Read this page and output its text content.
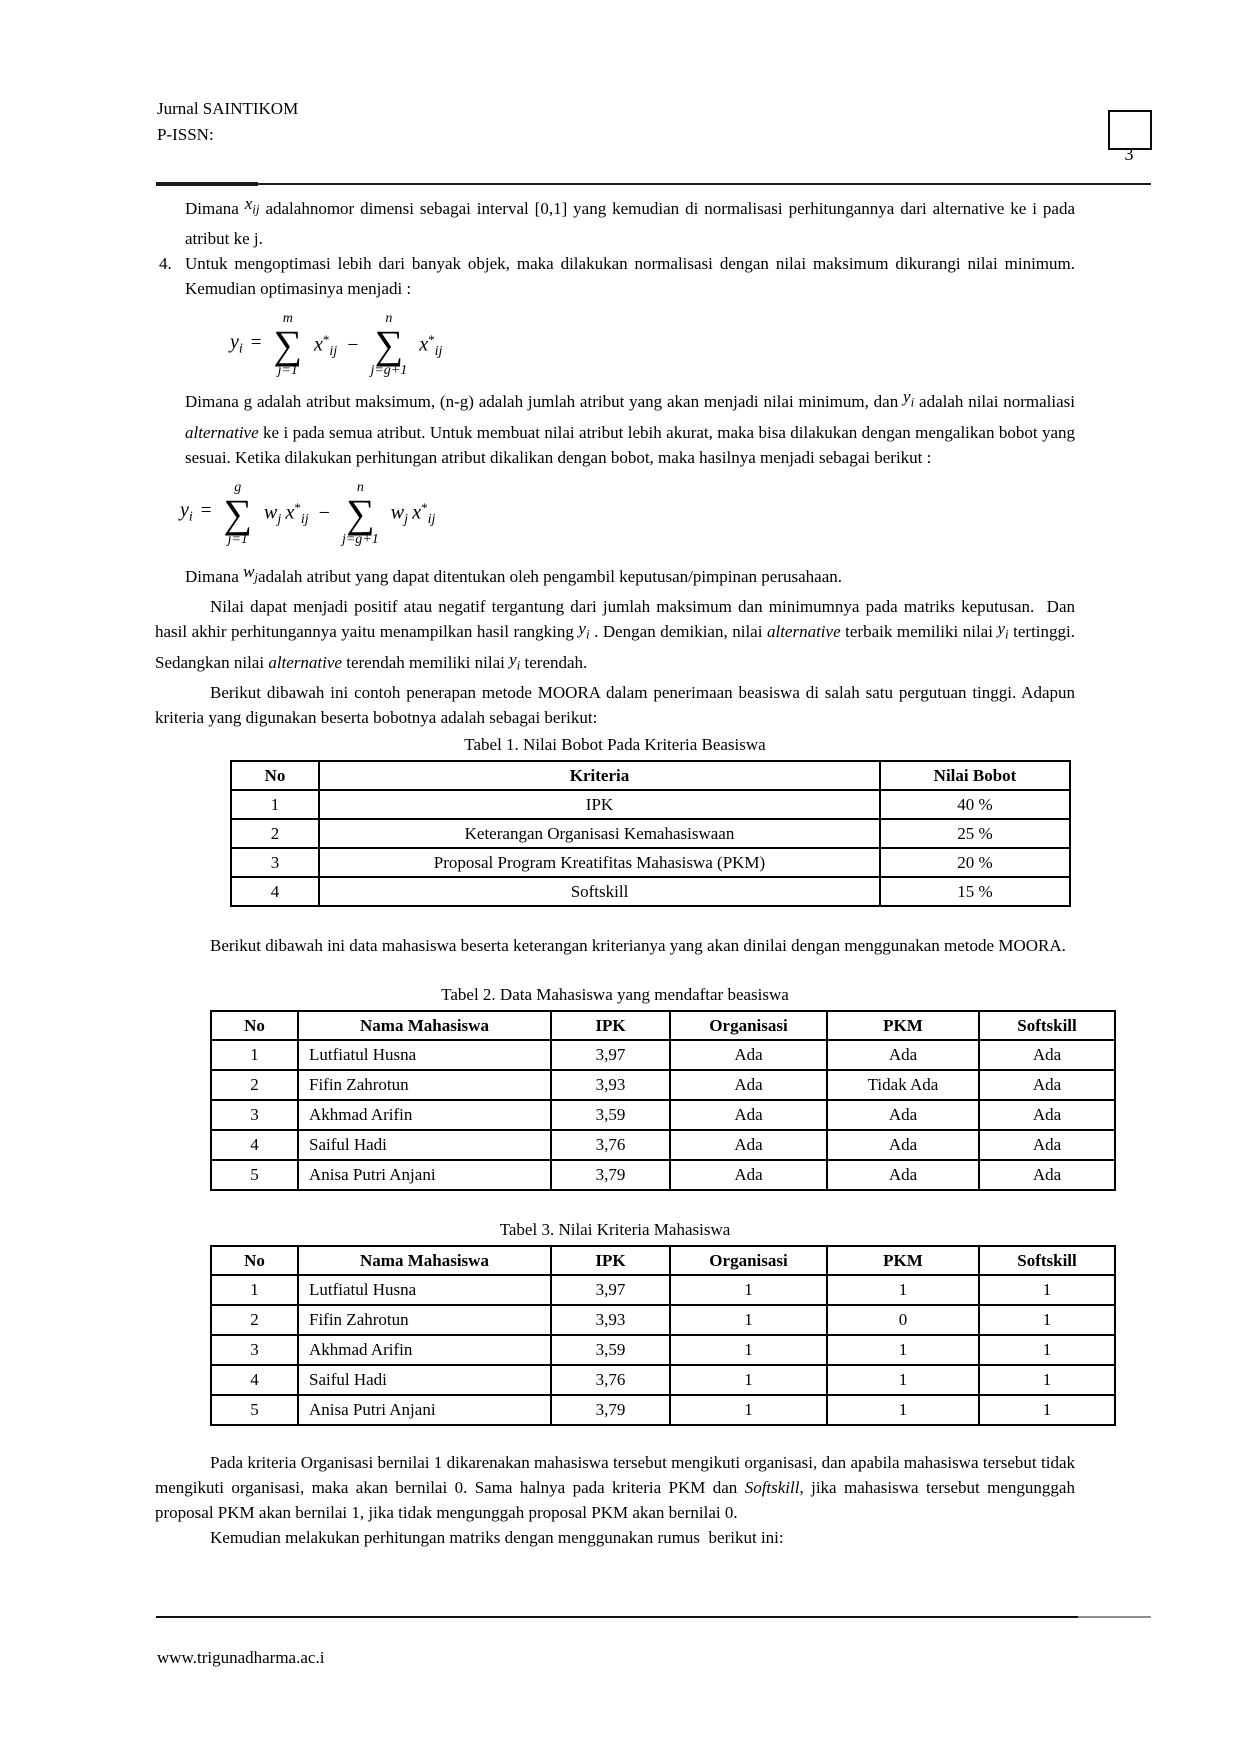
Jurnal SAINTIKOM
P-ISSN:
3

Dimana $x_{ij}$ adalahnomor dimensi sebagai interval [0,1] yang kemudian di normalisasi perhitungannya dari alternative ke i pada atribut ke j.

4. Untuk mengoptimasi lebih dari banyak objek, maka dilakukan normalisasi dengan nilai maksimum dikurangi nilai minimum. Kemudian optimasinya menjadi :

$y_i$ =
m
∑
j=1
$x^*_{ij}$ −
n
∑
j=g+1
$x^*_{ij}$

Dimana g adalah atribut maksimum, (n-g) adalah jumlah atribut yang akan menjadi nilai minimum, dan $y_i$ adalah nilai normaliasi alternative ke i pada semua atribut. Untuk membuat nilai atribut lebih akurat, maka bisa dilakukan dengan mengalikan bobot yang sesuai. Ketika dilakukan perhitungan atribut dikalikan dengan bobot, maka hasilnya menjadi sebagai berikut :

$y_i$ =
g
∑
j=1
$w_j$ $x^*_{ij}$ −
n
∑
j=g+1
$w_j$ $x^*_{ij}$

Dimana $w_jadalah$ atribut yang dapat ditentukan oleh pengambil keputusan/pimpinan perusahaan.

Nilai dapat menjadi positif atau negatif tergantung dari jumlah maksimum dan minimumnya pada matriks keputusan.  Dan hasil akhir perhitungannya yaitu menampilkan hasil rangking $y_i$ . Dengan demikian, nilai alternative terbaik memiliki nilai $y_i$ tertinggi. Sedangkan nilai alternative terendah memiliki nilai $y_i$ terendah.

Berikut dibawah ini contoh penerapan metode MOORA dalam penerimaan beasiswa di salah satu pergutuan tinggi. Adapun kriteria yang digunakan beserta bobotnya adalah sebagai berikut:

Tabel 1. Nilai Bobot Pada Kriteria Beasiswa

No	Kriteria	Nilai Bobot
1	IPK	40 %
2	Keterangan Organisasi Kemahasiswaan	25 %
3	Proposal Program Kreatifitas Mahasiswa (PKM)	20 %
4	Softskill	15 %

Berikut dibawah ini data mahasiswa beserta keterangan kriterianya yang akan dinilai dengan menggunakan metode MOORA.

Tabel 2. Data Mahasiswa yang mendaftar beasiswa

No	Nama Mahasiswa	IPK	Organisasi	PKM	Softskill
1	Lutfiatul Husna	3,97	Ada	Ada	Ada
2	Fifin Zahrotun	3,93	Ada	Tidak Ada	Ada
3	Akhmad Arifin	3,59	Ada	Ada	Ada
4	Saiful Hadi	3,76	Ada	Ada	Ada
5	Anisa Putri Anjani	3,79	Ada	Ada	Ada

Tabel 3. Nilai Kriteria Mahasiswa

No	Nama Mahasiswa	IPK	Organisasi	PKM	Softskill
1	Lutfiatul Husna	3,97	1	1	1
2	Fifin Zahrotun	3,93	1	0	1
3	Akhmad Arifin	3,59	1	1	1
4	Saiful Hadi	3,76	1	1	1
5	Anisa Putri Anjani	3,79	1	1	1

Pada kriteria Organisasi bernilai 1 dikarenakan mahasiswa tersebut mengikuti organisasi, dan apabila mahasiswa tersebut tidak mengikuti organisasi, maka akan bernilai 0. Sama halnya pada kriteria PKM dan Softskill, jika mahasiswa tersebut mengunggah proposal PKM akan bernilai 1, jika tidak mengunggah proposal PKM akan bernilai 0.

Kemudian melakukan perhitungan matriks dengan menggunakan rumus  berikut ini:

www.trigunadharma.ac.i
